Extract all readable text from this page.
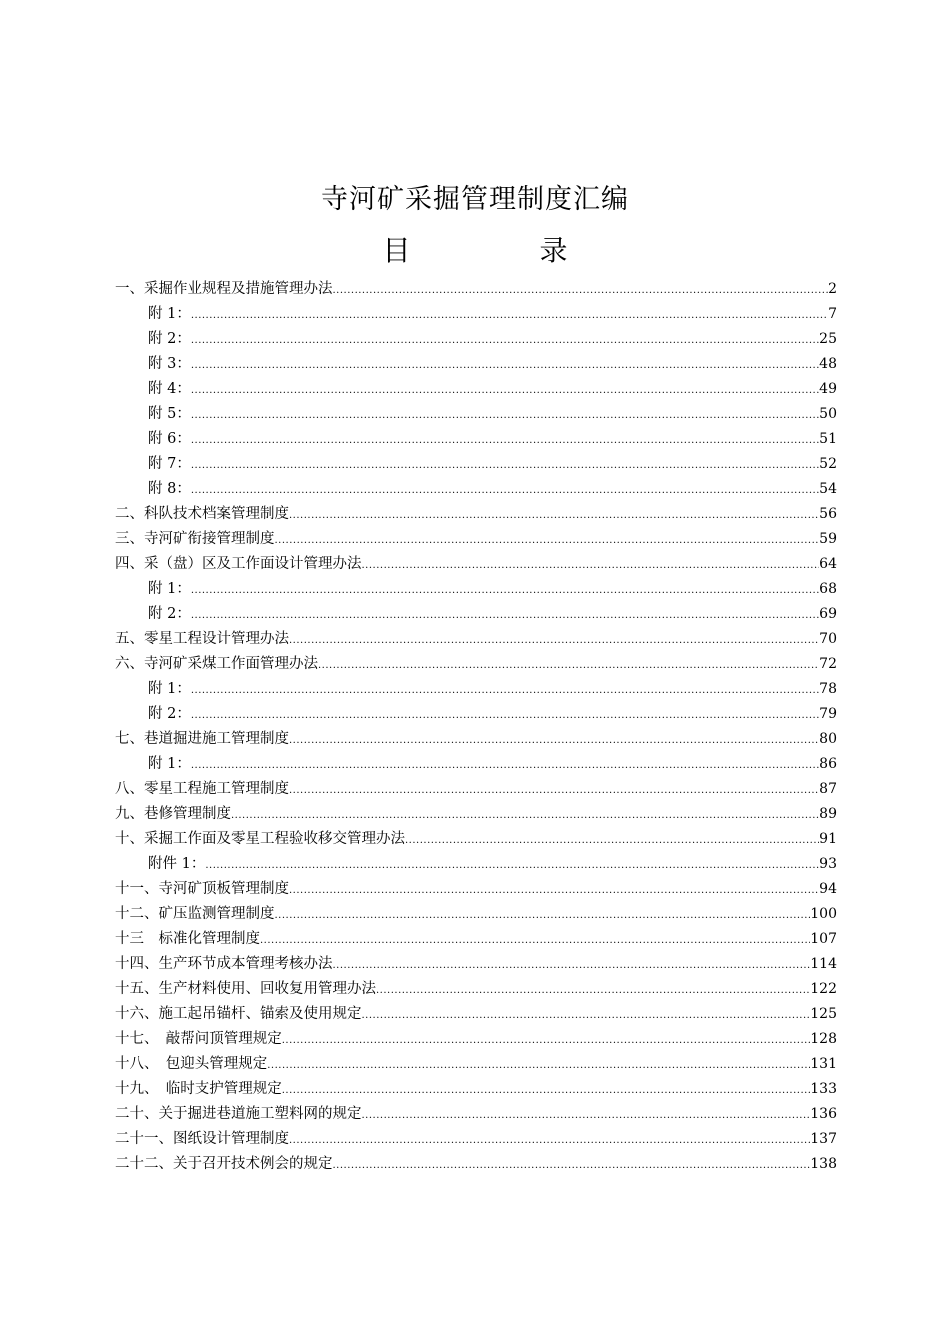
寺河矿采掘管理制度汇编
目 录
一、采掘作业规程及措施管理办法 .....	2
附 1： .....	7
附 2： .....	25
附 3： .....	48
附 4： .....	49
附 5： .....	50
附 6： .....	51
附 7： .....	52
附 8： .....	54
二、科队技术档案管理制度 .....	56
三、寺河矿衔接管理制度 .....	59
四、采（盘）区及工作面设计管理办法 .....	64
附 1： .....	68
附 2： .....	69
五、零星工程设计管理办法 .....	70
六、寺河矿采煤工作面管理办法 .....	72
附 1： .....	78
附 2： .....	79
七、巷道掘进施工管理制度 .....	80
附 1： .....	86
八、零星工程施工管理制度 .....	87
九、巷修管理制度 .....	89
十、采掘工作面及零星工程验收移交管理办法 .....	91
附件 1： .....	93
十一、寺河矿顶板管理制度 .....	94
十二、矿压监测管理制度 .....	100
十三　标准化管理制度 .....	107
十四、生产环节成本管理考核办法 .....	114
十五、生产材料使用、回收复用管理办法 .....	122
十六、施工起吊锚杆、锚索及使用规定 .....	125
十七、　敲帮问顶管理规定 .....	128
十八、　包迎头管理规定 .....	131
十九、　临时支护管理规定 .....	133
二十、关于掘进巷道施工塑料网的规定 .....	136
二十一、图纸设计管理制度 .....	137
二十二、关于召开技术例会的规定 .....	138
